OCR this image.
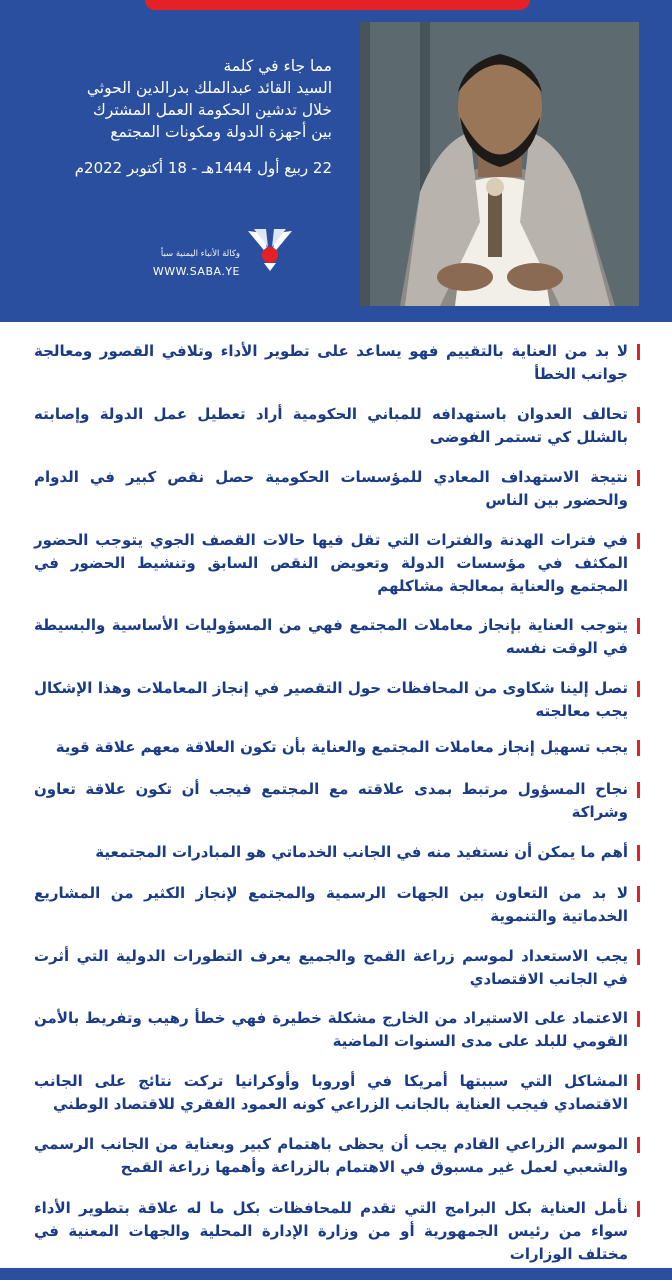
مما جاء في كلمة
السيد القائد عبدالملك بدرالدين الحوثي
خلال تدشين الحكومة العمل المشترك
بين أجهزة الدولة ومكونات المجتمع
22 ربيع أول 1444هـ - 18 أكتوبر 2022م
وكالة الأنباء اليمنية سبأ
WWW.SABA.YE
لا بد من العناية بالتقييم فهو يساعد على تطوير الأداء وتلافي القصور ومعالجة جوانب الخطأ
تحالف العدوان باستهدافه للمباني الحكومية أراد تعطيل عمل الدولة وإصابته بالشلل كي تستمر الفوضى
نتيجة الاستهداف المعادي للمؤسسات الحكومية حصل نقص كبير في الدوام والحضور بين الناس
في فترات الهدنة والفترات التي تقل فيها حالات القصف الجوي يتوجب الحضور المكثف في مؤسسات الدولة وتعويض النقص السابق وتنشيط الحضور في المجتمع والعناية بمعالجة مشاكلهم
يتوجب العناية بإنجاز معاملات المجتمع فهي من المسؤوليات الأساسية والبسيطة في الوقت نفسه
تصل إلينا شكاوى من المحافظات حول التقصير في إنجاز المعاملات وهذا الإشكال يجب معالجته
يجب تسهيل إنجاز معاملات المجتمع والعناية بأن تكون العلاقة معهم علاقة قوية
نجاح المسؤول مرتبط بمدى علاقته مع المجتمع فيجب أن تكون علاقة تعاون وشراكة
أهم ما يمكن أن نستفيد منه في الجانب الخدماتي هو المبادرات المجتمعية
لا بد من التعاون بين الجهات الرسمية والمجتمع لإنجاز الكثير من المشاريع الخدماتية والتنموية
يجب الاستعداد لموسم زراعة القمح والجميع يعرف التطورات الدولية التي أثرت في الجانب الاقتصادي
الاعتماد على الاستيراد من الخارج مشكلة خطيرة فهي خطأ رهيب وتفريط بالأمن القومي للبلد على مدى السنوات الماضية
المشاكل التي سببتها أمريكا في أوروبا وأوكرانيا تركت نتائج على الجانب الاقتصادي فيجب العناية بالجانب الزراعي كونه العمود الفقري للاقتصاد الوطني
الموسم الزراعي القادم يجب أن يحظى باهتمام كبير وبعناية من الجانب الرسمي والشعبي لعمل غير مسبوق في الاهتمام بالزراعة وأهمها زراعة القمح
نأمل العناية بكل البرامج التي تقدم للمحافظات بكل ما له علاقة بتطوير الأداء سواء من رئيس الجمهورية أو من وزارة الإدارة المحلية والجهات المعنية في مختلف الوزارات
